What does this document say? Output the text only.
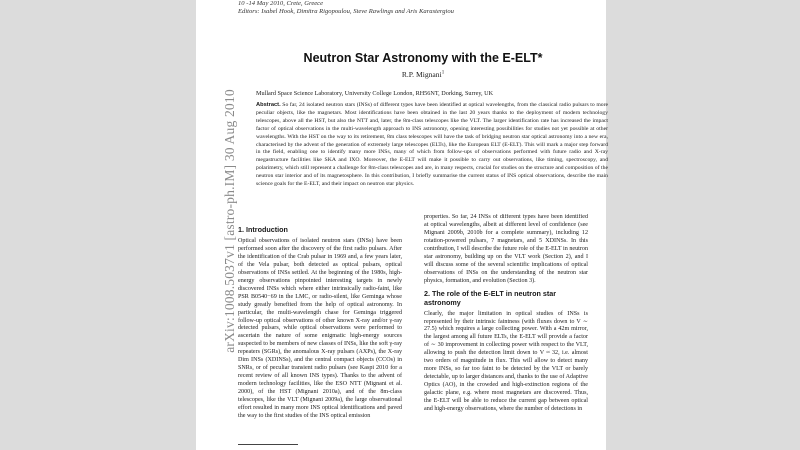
10 -14 May 2010, Crete, Greece
Editors: Isabel Hook, Dimitra Rigopoulou, Steve Rawlings and Aris Karastergiou
arXiv:1008.5037v1 [astro-ph.IM] 30 Aug 2010
Neutron Star Astronomy with the E-ELT*
R.P. Mignani$^1$
Mullard Space Science Laboratory, University College London, RH56NT, Dorking, Surrey, UK
Abstract. So far, 24 isolated neutron stars (INSs) of different types have been identified at optical wavelengths, from the classical radio pulsars to more peculiar objects, like the magnetars. Most identifications have been obtained in the last 20 years thanks to the deployment of modern technology telescopes, above all the HST, but also the NTT and, later, the 8m-class telescopes like the VLT. The larger identification rate has increased the impact factor of optical observations in the multi-wavelength approach to INS astronomy, opening interesting possibilities for studies not yet possible at other wavelengths. With the HST on the way to its retirement, 8m class telescopes will have the task of bridging neutron star optical astronomy into a new era, characterised by the advent of the generation of extremely large telescopes (ELTs), like the European ELT (E-ELT). This will mark a major step forward in the field, enabling one to identify many more INSs, many of which from follow-ups of observations performed with future radio and X-ray megastructure facilities like SKA and IXO. Moreover, the E-ELT will make it possible to carry out observations, like timing, spectroscopy, and polarimetry, which still represent a challenge for 8m-class telescopes and are, in many respects, crucial for studies on the structure and composition of the neutron star interior and of its magnetosphere. In this contribution, I briefly summarise the current status of INS optical observations, describe the main science goals for the E-ELT, and their impact on neutron star physics.
1. Introduction

Optical observations of isolated neutron stars (INSs) have been performed soon after the discovery of the first radio pulsars. After the identification of the Crab pulsar in 1969 and, a few years later, of the Vela pulsar, both detected as optical pulsars, optical observations of INSs settled. At the beginning of the 1980s, high-energy observations pinpointed interesting targets in newly discovered INSs which where either intrinsically radio-faint, like PSR B0540−69 in the LMC, or radio-silent, like Geminga whose study greatly benefited from the help of optical astronomy. In particular, the multi-wavelength chase for Geminga triggered follow-up optical observations of other known X-ray and/or γ-ray detected pulsars, while optical observations were performed to ascertain the nature of some enigmatic high-energy sources suspected to be members of new classes of INSs, like the soft γ-ray repeaters (SGRs), the anomalous X-ray pulsars (AXPs), the X-ray Dim INSs (XDINSs), and the central compact objects (CCOs) in SNRs, or of peculiar transient radio pulsars (see Kaspi 2010 for a recent review of all known INS types). Thanks to the advent of modern technology facilities, like the ESO NTT (Mignani et al. 2000), of the HST (Mignani 2010a), and of the 8m-class telescopes, like the VLT (Mignani 2009a), the large observational effort resulted in many more INS optical identifications and paved the way to the first studies of the INS optical emission

properties. So far, 24 INSs of different types have been identified at optical wavelengths, albeit at different level of confidence (see Mignani 2009b, 2010b for a complete summary), including 12 rotation-powered pulsars, 7 magnetars, and 5 XDINSs. In this contribution, I will describe the future role of the E-ELT in neutron star astronomy, building up on the VLT work (Section 2), and I will discuss some of the several scientific implications of optical observations of INSs on the understanding of the neutron star physics, formation, and evolution (Section 3).

2. The role of the E-ELT in neutron star astronomy

Clearly, the major limitation in optical studies of INSs is represented by their intrinsic faintness (with fluxes down to V ∼ 27.5) which requires a large collecting power. With a 42m mirror, the largest among all future ELTs, the E-ELT will provide a factor of ∼ 30 improvement in collecting power with respect to the VLT, allowing to push the detection limit down to V ≈ 32, i.e. almost two orders of magnitude in flux. This will allow to detect many more INSs, so far too faint to be detected by the VLT or barely detectable, up to larger distances and, thanks to the use of Adaptive Optics (AO), in the crowded and high-extinction regions of the galactic plane, e.g. where most magnetars are discovered. Thus, the E-ELT will be able to reduce the current gap between optical and high-energy observations, where the number of detections in
